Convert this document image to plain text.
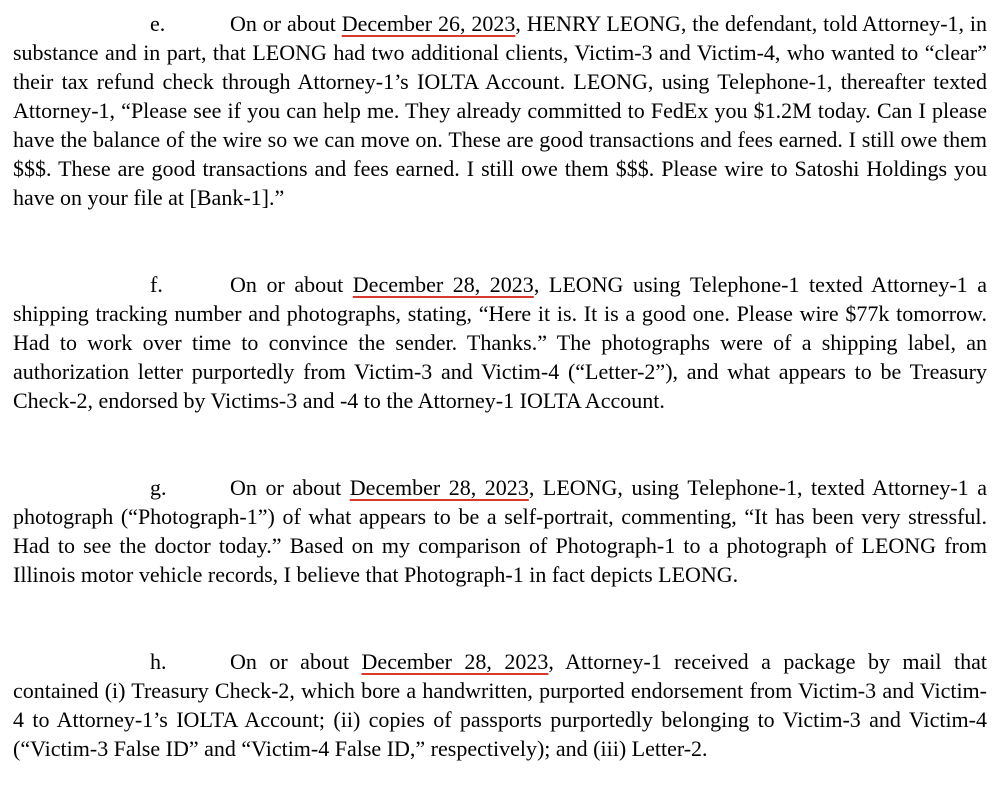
e.	On or about December 26, 2023, HENRY LEONG, the defendant, told Attorney-1, in substance and in part, that LEONG had two additional clients, Victim-3 and Victim-4, who wanted to “clear” their tax refund check through Attorney-1’s IOLTA Account. LEONG, using Telephone-1, thereafter texted Attorney-1, “Please see if you can help me. They already committed to FedEx you $1.2M today. Can I please have the balance of the wire so we can move on. These are good transactions and fees earned. I still owe them $$$. These are good transactions and fees earned. I still owe them $$$. Please wire to Satoshi Holdings you have on your file at [Bank-1].”

f.	On or about December 28, 2023, LEONG using Telephone-1 texted Attorney-1 a shipping tracking number and photographs, stating, “Here it is. It is a good one. Please wire $77k tomorrow. Had to work over time to convince the sender. Thanks.” The photographs were of a shipping label, an authorization letter purportedly from Victim-3 and Victim-4 (“Letter-2”), and what appears to be Treasury Check-2, endorsed by Victims-3 and -4 to the Attorney-1 IOLTA Account.

g.	On or about December 28, 2023, LEONG, using Telephone-1, texted Attorney-1 a photograph (“Photograph-1”) of what appears to be a self-portrait, commenting, “It has been very stressful. Had to see the doctor today.” Based on my comparison of Photograph-1 to a photograph of LEONG from Illinois motor vehicle records, I believe that Photograph-1 in fact depicts LEONG.

h.	On or about December 28, 2023, Attorney-1 received a package by mail that contained (i) Treasury Check-2, which bore a handwritten, purported endorsement from Victim-3 and Victim-4 to Attorney-1’s IOLTA Account; (ii) copies of passports purportedly belonging to Victim-3 and Victim-4 (“Victim-3 False ID” and “Victim-4 False ID,” respectively); and (iii) Letter-2.
